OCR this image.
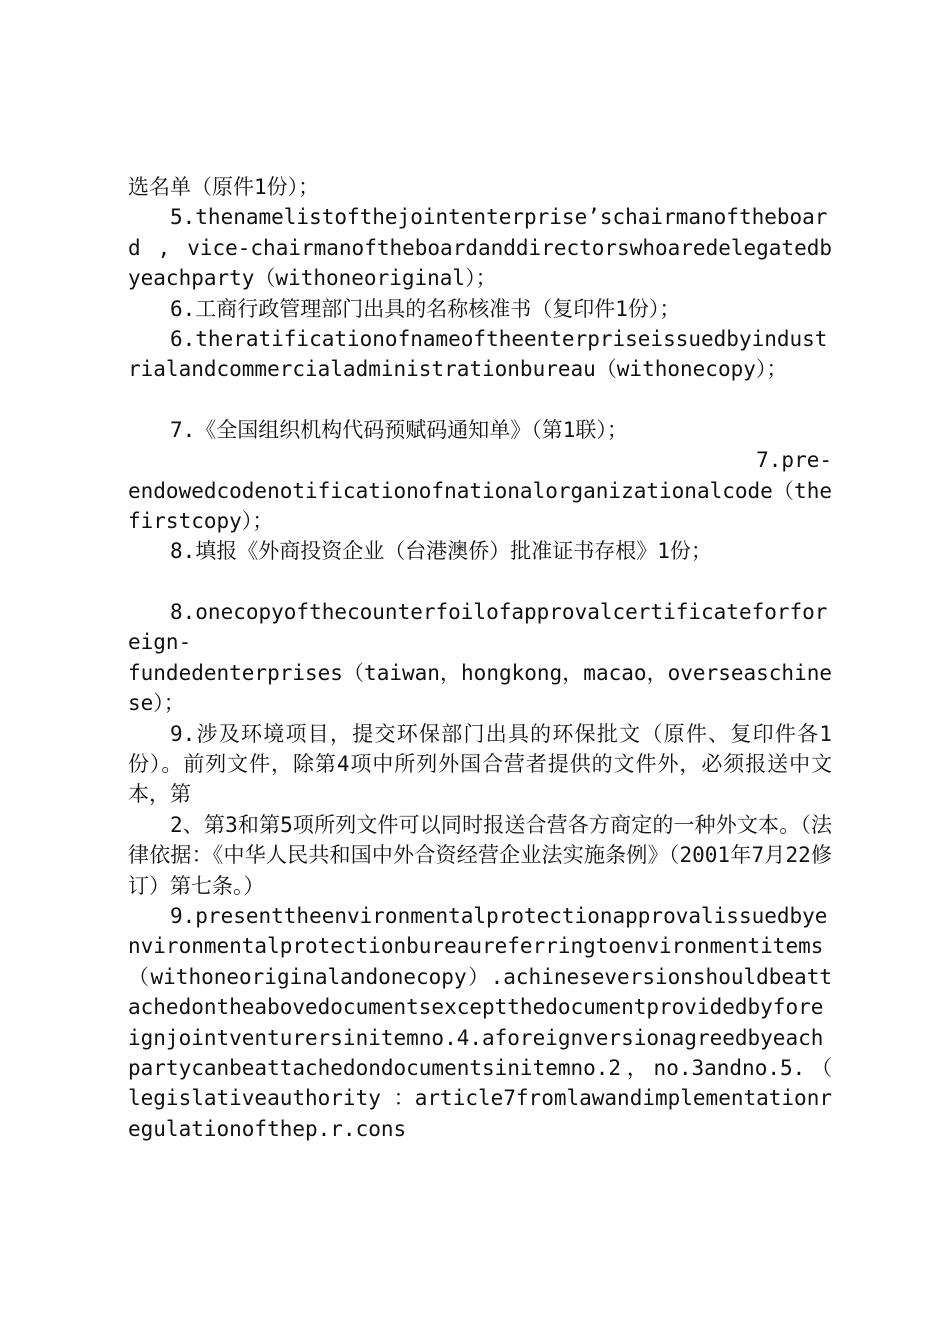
选名单（原件1份）；

5.thenamelistofthejointenterprise’schairmanoftheboard , vice-chairmanoftheboardanddirectorswhoaredelegatedbyeachparty（withoneoriginal）；

6.工商行政管理部门出具的名称核准书（复印件1份）；

6.theratificationofnameoftheenterpriseissuedbyindustrialandcommercialadministrationbureau（withonecopy）；

7.《全国组织机构代码预赋码通知单》（第1联）；

7.pre-

endowedcodenotificationofnationalorganizationalcode（thefirstcopy）；

8.填报《外商投资企业（台港澳侨）批准证书存根》1份；

8.onecopyofthecounterfoilofapprovalcertificateforforeign-

fundedenterprises（taiwan，hongkong，macao，overseaschinese）；

9.涉及环境项目，提交环保部门出具的环保批文（原件、复印件各1份）。前列文件，除第4项中所列外国合营者提供的文件外，必须报送中文本，第

2、第3和第5项所列文件可以同时报送合营各方商定的一种外文本。（法律依据：《中华人民共和国中外合资经营企业法实施条例》（2001年7月22修订）第七条。）

9.presenttheenvironmentalprotectionapprovalissuedbyenvironmentalprotectionbureaureferringtoenvironmentitems（withoneoriginalandonecopy）.achineseversionshouldbeattachedontheabovedocumentsexceptthedocumentprovidedbyforeignjointventurersinitemno.4.aforeignversionagreedbyeachpartycanbeattachedondocumentsinitemno.2，no.3andno.5.（ legislativeauthority ：article7fromlawandimplementationregulationofthep.r.cons
